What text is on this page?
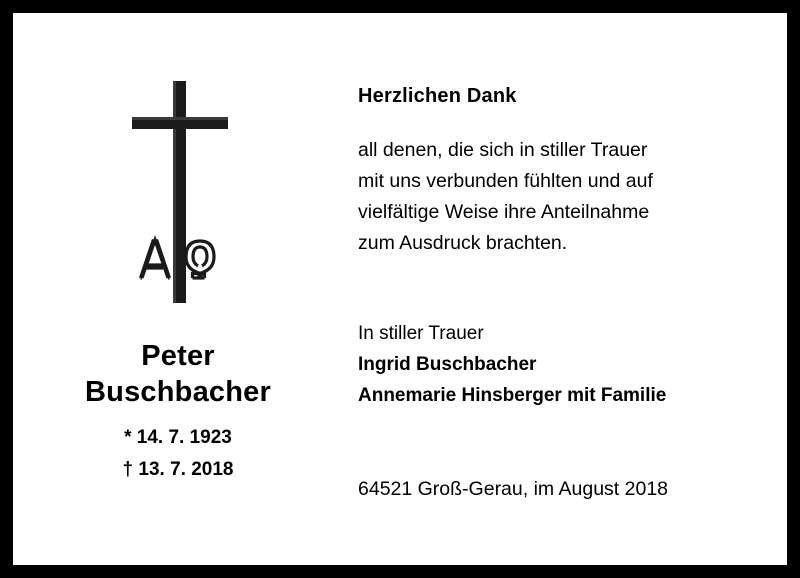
Peter
Buschbacher
* 14. 7. 1923
† 13. 7. 2018
Herzlichen Dank
all denen, die sich in stiller Trauer
mit uns verbunden fühlten und auf
vielfältige Weise ihre Anteilnahme
zum Ausdruck brachten.
In stiller Trauer
Ingrid Buschbacher
Annemarie Hinsberger mit Familie
64521 Groß-Gerau, im August 2018
